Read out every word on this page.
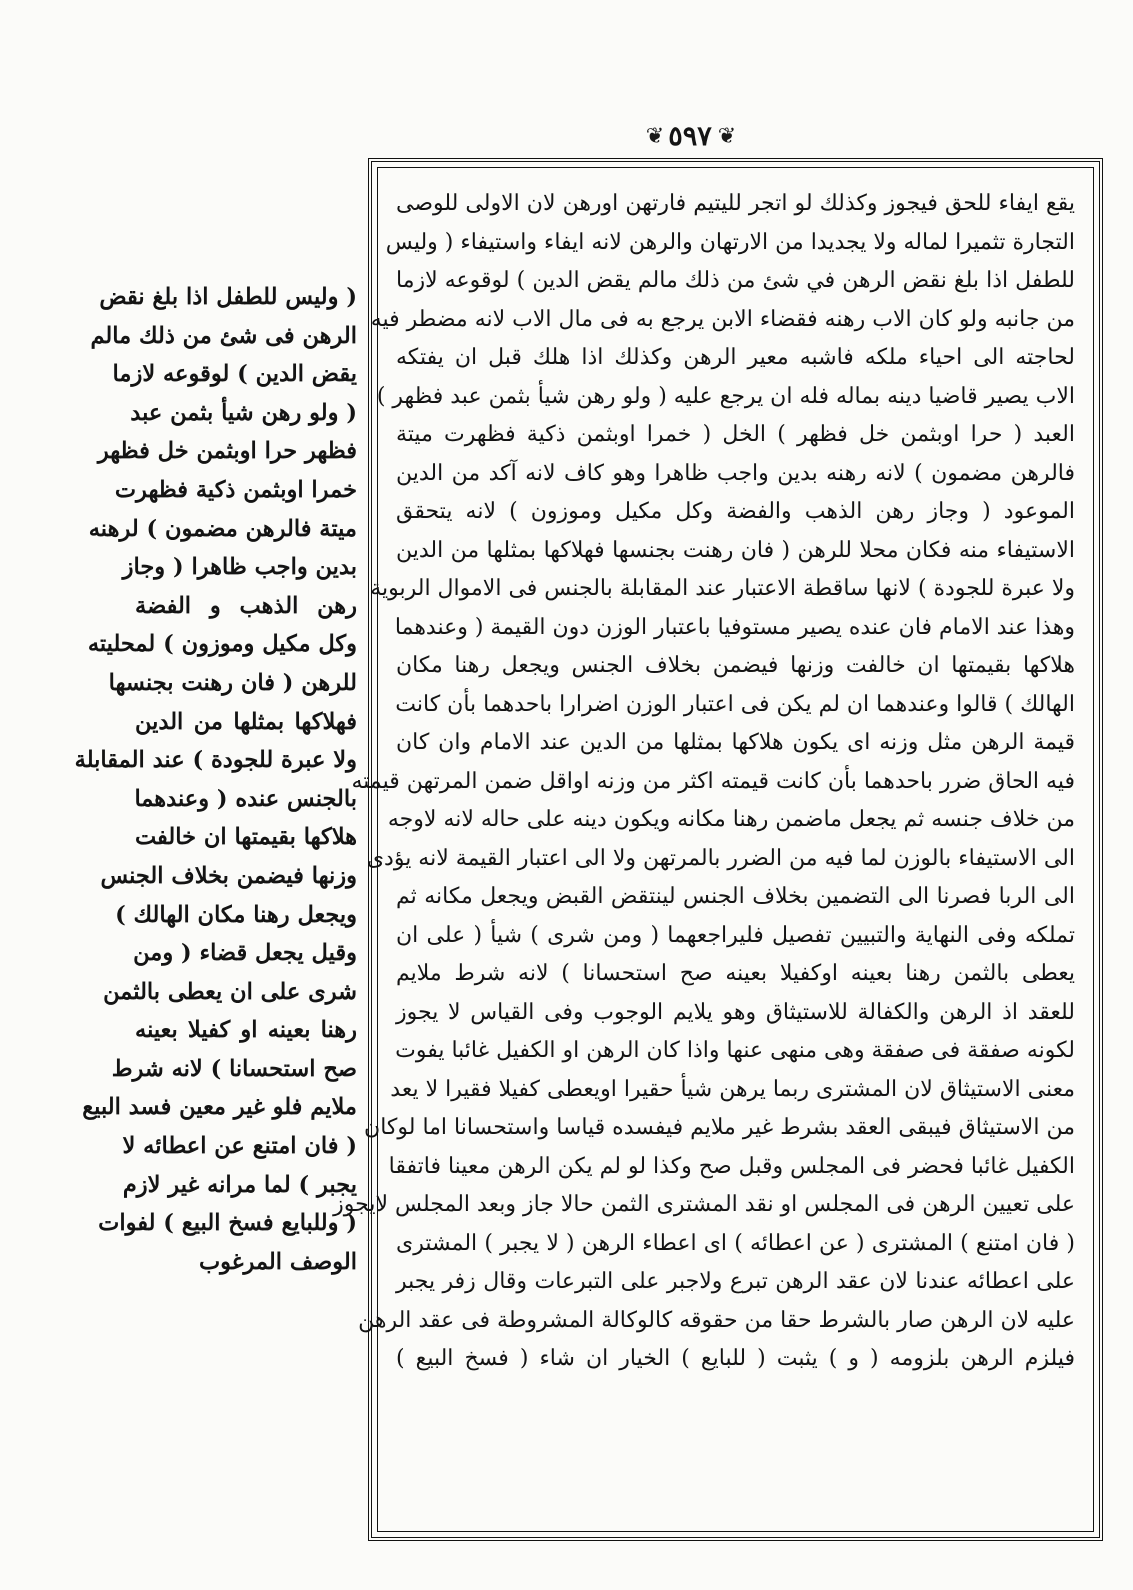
❦ ٥٩٧ ❦

يقع ايفاء للحق فيجوز وكذلك لو اتجر لليتيم فارتهن اورهن لان الاولى للوصى

التجارة تثميرا لماله ولا يجديدا من الارتهان والرهن لانه ايفاء واستيفاء ( وليس

للطفل اذا بلغ نقض الرهن في شئ من ذلك مالم يقض الدين ) لوقوعه لازما

من جانبه ولو كان الاب رهنه فقضاء الابن يرجع به فى مال الاب لانه مضطر فيه

لحاجته الى احياء ملكه فاشبه معير الرهن وكذلك اذا هلك قبل ان يفتكه

الاب يصير قاضيا دينه بماله فله ان يرجع عليه ( ولو رهن شيأ بثمن عبد فظهر )

العبد ( حرا اوبثمن خل فظهر ) الخل ( خمرا اوبثمن ذكية فظهرت ميتة

فالرهن مضمون ) لانه رهنه بدين واجب ظاهرا وهو كاف لانه آكد من الدين

الموعود ( وجاز رهن الذهب والفضة وكل مكيل وموزون ) لانه يتحقق

الاستيفاء منه فكان محلا للرهن ( فان رهنت بجنسها فهلاكها بمثلها من الدين

ولا عبرة للجودة ) لانها ساقطة الاعتبار عند المقابلة بالجنس فى الاموال الربوية

وهذا عند الامام فان عنده يصير مستوفيا باعتبار الوزن دون القيمة ( وعندهما

هلاكها بقيمتها ان خالفت وزنها فيضمن بخلاف الجنس ويجعل رهنا مكان

الهالك ) قالوا وعندهما ان لم يكن فى اعتبار الوزن اضرارا باحدهما بأن كانت

قيمة الرهن مثل وزنه اى يكون هلاكها بمثلها من الدين عند الامام وان كان

فيه الحاق ضرر باحدهما بأن كانت قيمته اكثر من وزنه اواقل ضمن المرتهن قيمته

من خلاف جنسه ثم يجعل ماضمن رهنا مكانه ويكون دينه على حاله لانه لاوجه

الى الاستيفاء بالوزن لما فيه من الضرر بالمرتهن ولا الى اعتبار القيمة لانه يؤدى

الى الربا فصرنا الى التضمين بخلاف الجنس لينتقض القبض ويجعل مكانه ثم

تملكه وفى النهاية والتبيين تفصيل فليراجعهما ( ومن شرى ) شيأ ( على ان

يعطى بالثمن رهنا بعينه اوكفيلا بعينه صح استحسانا ) لانه شرط ملايم

للعقد اذ الرهن والكفالة للاستيثاق وهو يلايم الوجوب وفى القياس لا يجوز

لكونه صفقة فى صفقة وهى منهى عنها واذا كان الرهن او الكفيل غائبا يفوت

معنى الاستيثاق لان المشترى ربما يرهن شيأ حقيرا اويعطى كفيلا فقيرا لا يعد

من الاستيثاق فيبقى العقد بشرط غير ملايم فيفسده قياسا واستحسانا اما لوكان

الكفيل غائبا فحضر فى المجلس وقبل صح وكذا لو لم يكن الرهن معينا فاتفقا

على تعيين الرهن فى المجلس او نقد المشترى الثمن حالا جاز وبعد المجلس لايجوز

( فان امتنع ) المشترى ( عن اعطائه ) اى اعطاء الرهن ( لا يجبر ) المشترى

على اعطائه عندنا لان عقد الرهن تبرع ولاجبر على التبرعات وقال زفر يجبر

عليه لان الرهن صار بالشرط حقا من حقوقه كالوكالة المشروطة فى عقد الرهن

فيلزم الرهن بلزومه ( و ) يثبت ( للبايع ) الخيار ان شاء ( فسخ البيع )

( وليس للطفل اذا بلغ نقض

الرهن فى شئ من ذلك مالم

يقض الدين ) لوقوعه لازما

( ولو رهن شيأ بثمن عبد

فظهر حرا اوبثمن خل فظهر

خمرا اوبثمن ذكية فظهرت

ميتة فالرهن مضمون ) لرهنه

بدين واجب ظاهرا ( وجاز

رهن الذهب و الفضة

وكل مكيل وموزون ) لمحليته

للرهن ( فان رهنت بجنسها

فهلاكها بمثلها من الدين

ولا عبرة للجودة ) عند المقابلة

بالجنس عنده ( وعندهما

هلاكها بقيمتها ان خالفت

وزنها فيضمن بخلاف الجنس

ويجعل رهنا مكان الهالك )

وقيل يجعل قضاء ( ومن

شرى على ان يعطى بالثمن

رهنا بعينه او كفيلا بعينه

صح استحسانا ) لانه شرط

ملايم فلو غير معين فسد البيع

( فان امتنع عن اعطائه لا

يجبر ) لما مرانه غير لازم

( وللبايع فسخ البيع ) لفوات

الوصف المرغوب
